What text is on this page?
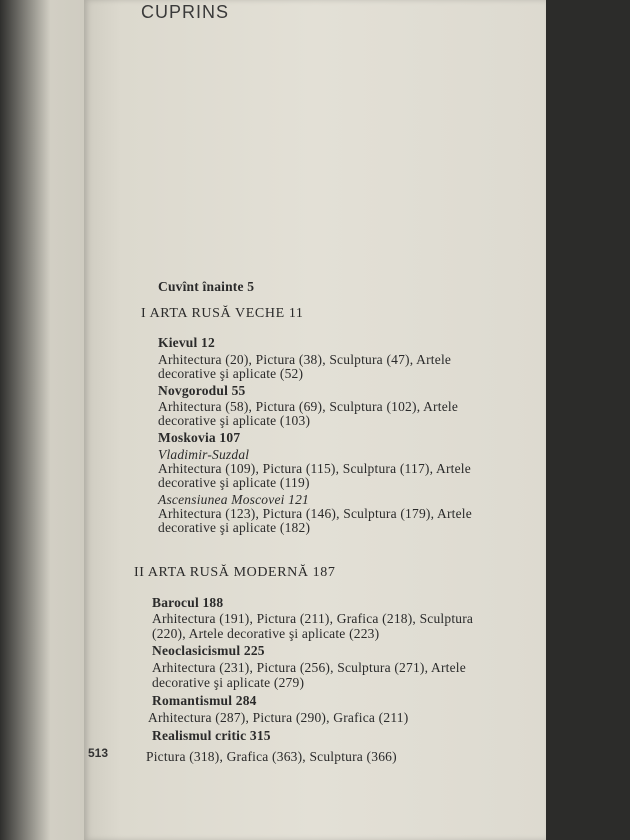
CUPRINS
Cuvînt înainte 5
I ARTA RUSĂ VECHE 11
Kievul 12
Arhitectura (20), Pictura (38), Sculptura (47), Artele
decorative şi aplicate (52)
Novgorodul 55
Arhitectura (58), Pictura (69), Sculptura (102), Artele
decorative şi aplicate (103)
Moskovia 107
Vladimir-Suzdal
Arhitectura (109), Pictura (115), Sculptura (117), Artele
decorative şi aplicate (119)
Ascensiunea Moscovei 121
Arhitectura (123), Pictura (146), Sculptura (179), Artele
decorative şi aplicate (182)
II ARTA RUSĂ MODERNĂ 187
Barocul 188
Arhitectura (191), Pictura (211), Grafica (218), Sculptura
(220), Artele decorative şi aplicate (223)
Neoclasicismul 225
Arhitectura (231), Pictura (256), Sculptura (271), Artele
decorative şi aplicate (279)
Romantismul 284
Arhitectura (287), Pictura (290), Grafica (211)
Realismul critic 315
Pictura (318), Grafica (363), Sculptura (366)
513
